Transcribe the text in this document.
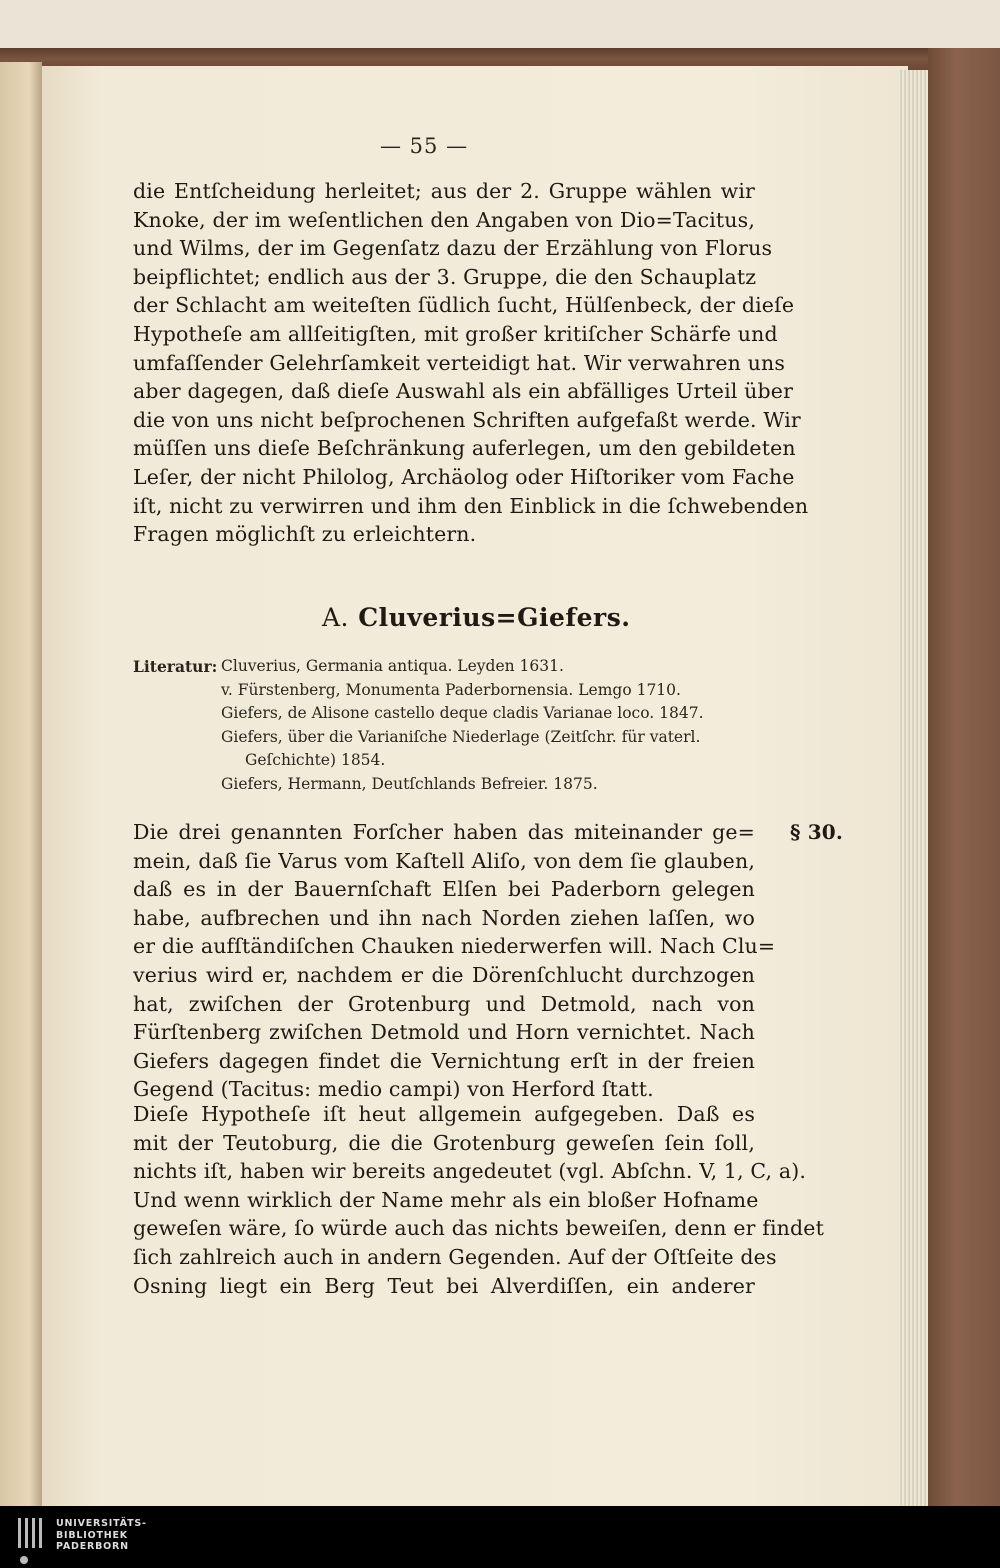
— 55 —
die Entſcheidung herleitet; aus der 2. Gruppe wählen wir
Knoke, der im weſentlichen den Angaben von Dio=Tacitus,
und Wilms, der im Gegenſatz dazu der Erzählung von Florus
beipflichtet; endlich aus der 3. Gruppe, die den Schauplatz
der Schlacht am weiteſten ſüdlich ſucht, Hülſenbeck, der dieſe
Hypotheſe am allſeitigſten, mit großer kritiſcher Schärfe und
umfaſſender Gelehrſamkeit verteidigt hat. Wir verwahren uns
aber dagegen, daß dieſe Auswahl als ein abfälliges Urteil über
die von uns nicht beſprochenen Schriften aufgefaßt werde. Wir
müſſen uns dieſe Beſchränkung auferlegen, um den gebildeten
Leſer, der nicht Philolog, Archäolog oder Hiſtoriker vom Fache
iſt, nicht zu verwirren und ihm den Einblick in die ſchwebenden
Fragen möglichſt zu erleichtern.
A. Cluverius=Giefers.
Literatur: Cluverius, Germania antiqua. Leyden 1631.
v. Fürstenberg, Monumenta Paderbornensia. Lemgo 1710.
Giefers, de Alisone castello deque cladis Varianae loco. 1847.
Giefers, über die Varianiſche Niederlage (Zeitſchr. für vaterl.
Geſchichte) 1854.
Giefers, Hermann, Deutſchlands Befreier. 1875.
Die drei genannten Forſcher haben das miteinander ge=
mein, daß ſie Varus vom Kaſtell Aliſo, von dem ſie glauben,
daß es in der Bauernſchaft Elſen bei Paderborn gelegen
habe, aufbrechen und ihn nach Norden ziehen laſſen, wo
er die aufſtändiſchen Chauken niederwerfen will. Nach Clu=
verius wird er, nachdem er die Dörenſchlucht durchzogen
hat, zwiſchen der Grotenburg und Detmold, nach von
Fürſtenberg zwiſchen Detmold und Horn vernichtet. Nach
Giefers dagegen findet die Vernichtung erſt in der freien
Gegend (Tacitus: medio campi) von Herford ſtatt.
§ 30.
Dieſe Hypotheſe iſt heut allgemein aufgegeben. Daß es
mit der Teutoburg, die die Grotenburg geweſen ſein ſoll,
nichts iſt, haben wir bereits angedeutet (vgl. Abſchn. V, 1, C, a).
Und wenn wirklich der Name mehr als ein bloßer Hofname
geweſen wäre, ſo würde auch das nichts beweiſen, denn er findet
ſich zahlreich auch in andern Gegenden. Auf der Oſtſeite des
Osning liegt ein Berg Teut bei Alverdiſſen, ein anderer
UNIVERSITÄTS-
BIBLIOTHEK
PADERBORN
